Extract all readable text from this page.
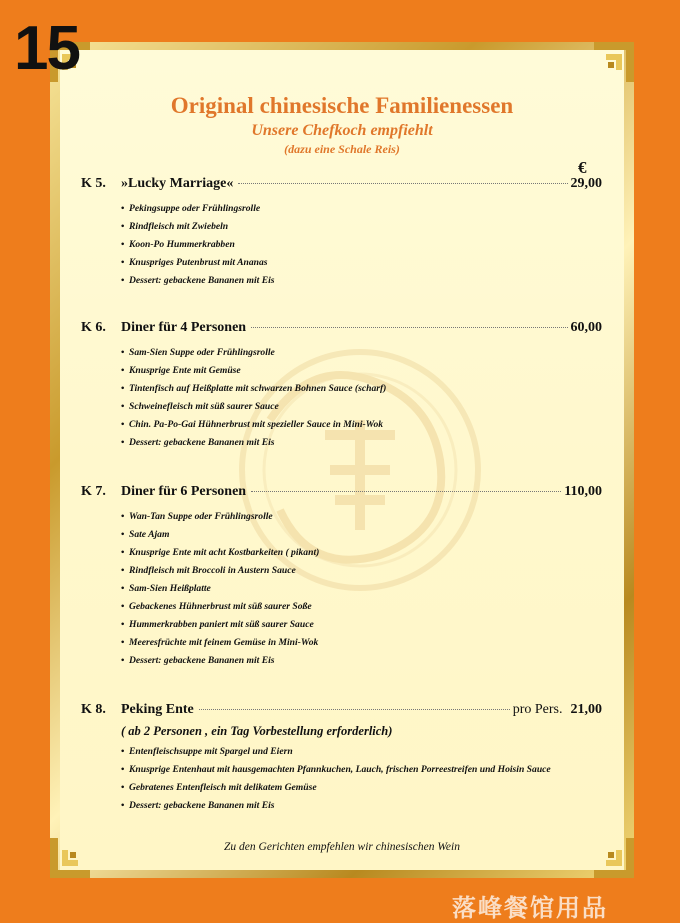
15
Original chinesische Familienessen
Unsere Chefkoch empfiehlt
(dazu eine Schale Reis)
€
K 5.	»Lucky Marriage«	29,00
• Pekingsuppe oder Frühlingsrolle
• Rindfleisch mit Zwiebeln
• Koon-Po Hummerkrabben
• Knuspriges Putenbrust mit Ananas
• Dessert: gebackene Bananen mit Eis
K 6.	Diner für 4 Personen	60,00
• Sam-Sien Suppe oder Frühlingsrolle
• Knusprige Ente mit Gemüse
• Tintenfisch auf Heißplatte mit schwarzen Bohnen Sauce (scharf)
• Schweinefleisch mit süß saurer Sauce
• Chin. Pa-Po-Gai Hühnerbrust mit spezieller Sauce in Mini-Wok
• Dessert: gebackene Bananen mit Eis
K 7.	Diner für 6 Personen	110,00
• Wan-Tan Suppe oder Frühlingsrolle
• Sate Ajam
• Knusprige Ente mit acht Kostbarkeiten ( pikant)
• Rindfleisch mit Broccoli in Austern Sauce
• Sam-Sien Heißplatte
• Gebackenes Hühnerbrust mit süß saurer Soße
• Hummerkrabben paniert mit süß saurer Sauce
• Meeresfrüchte mit feinem Gemüse in Mini-Wok
• Dessert: gebackene Bananen mit Eis
K 8.	Peking Ente	pro Pers. 21,00
( ab 2 Personen , ein Tag Vorbestellung erforderlich)
• Entenfleischsuppe mit Spargel und Eiern
• Knusprige Entenhaut mit hausgemachten Pfannkuchen, Lauch, frischen Porreestreifen und Hoisin Sauce
• Gebratenes Entenfleisch mit delikatem Gemüse
• Dessert: gebackene Bananen mit Eis
Zu den Gerichten empfehlen wir chinesischen Wein
落峰餐馆用品
